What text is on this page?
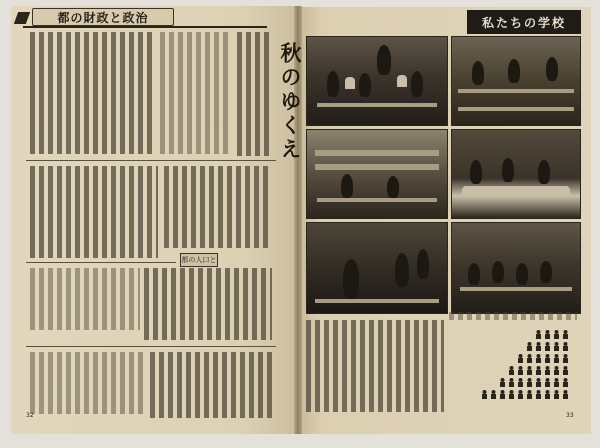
都の財政と政治
都の人口と
32
秋のゆくえ
私たちの学校
33
